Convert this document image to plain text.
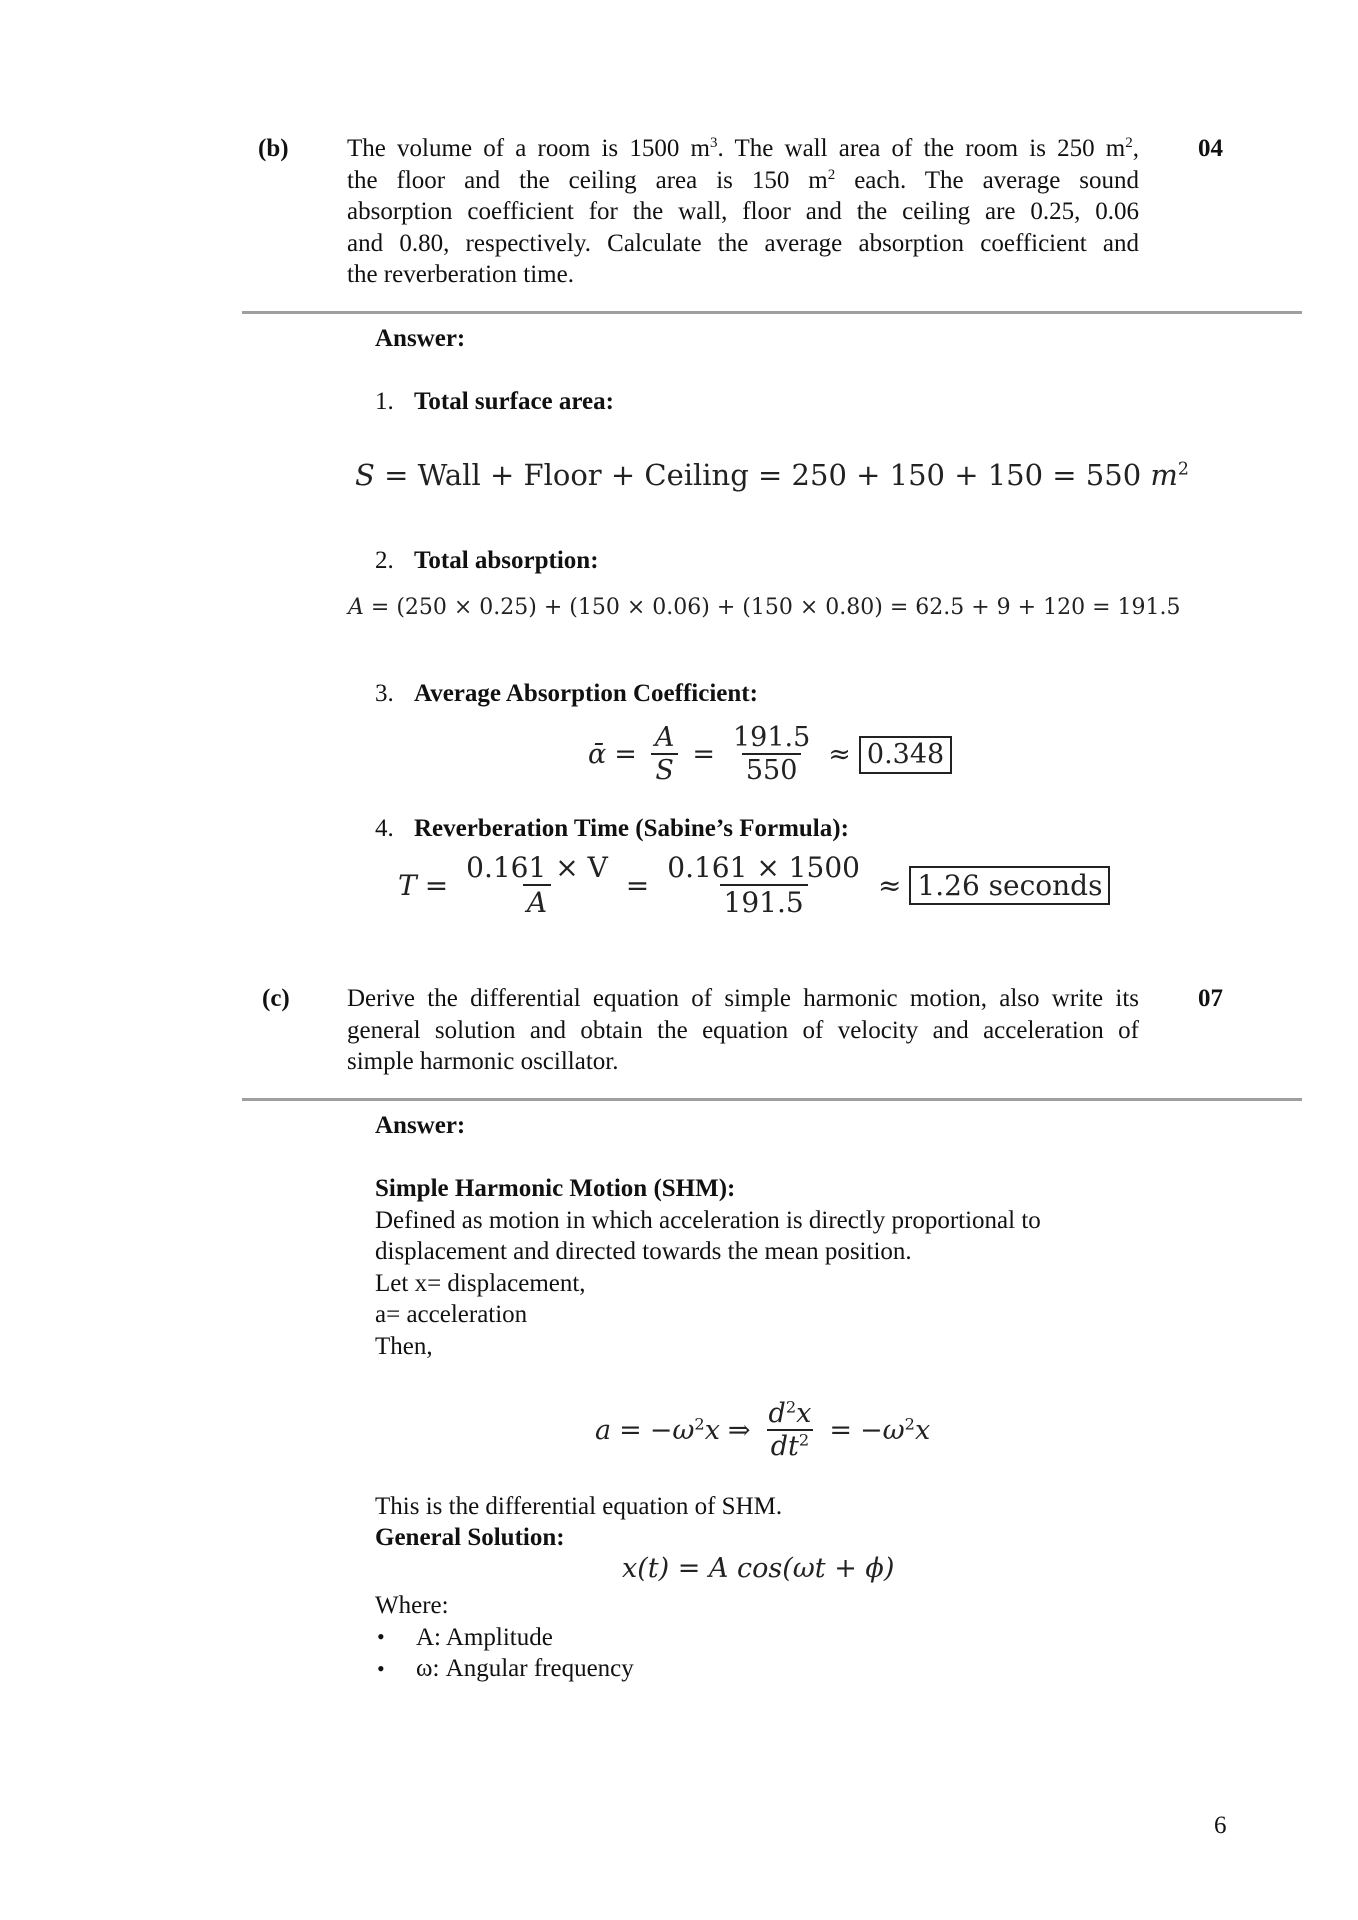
(b)	04
The volume of a room is 1500 $m^3$. The wall area of the room is 250 $m^2$,
the floor and the ceiling area is 150 $m^2$ each. The average sound
absorption coefficient for the wall, floor and the ceiling are 0.25, 0.06
and 0.80, respectively. Calculate the average absorption coefficient and
the reverberation time.
Answer:
1. Total surface area:
S = Wall + Floor + Ceiling = 250 + 150 + 150 = 550 $m^2$
2. Total absorption:
A = (250 × 0.25) + (150 × 0.06) + (150 × 0.80) = 62.5 + 9 + 120 = 191.5
3. Average Absorption Coefficient:
ᾱ = $\frac{A}{S} = \frac{191.5}{550} \approx 0.348$
4. Reverberation Time (Sabine’s Formula):
$T = \frac{0.161 \times V}{A} = \frac{0.161 \times 1500}{191.5} \approx 1.26$ seconds
(c)	07
Derive the differential equation of simple harmonic motion, also write its
general solution and obtain the equation of velocity and acceleration of
simple harmonic oscillator.
Answer:
Simple Harmonic Motion (SHM):
Defined as motion in which acceleration is directly proportional to
displacement and directed towards the mean position.
Let x= displacement,
a= acceleration
Then,
$a = -\omega^2x$ ⇒ $\frac{d^2x}{dt^2} = -\omega^2x$
This is the differential equation of SHM.
General Solution:
x(t) = A cos(ωt + ϕ)
Where:
• A: Amplitude
• ω: Angular frequency
6
